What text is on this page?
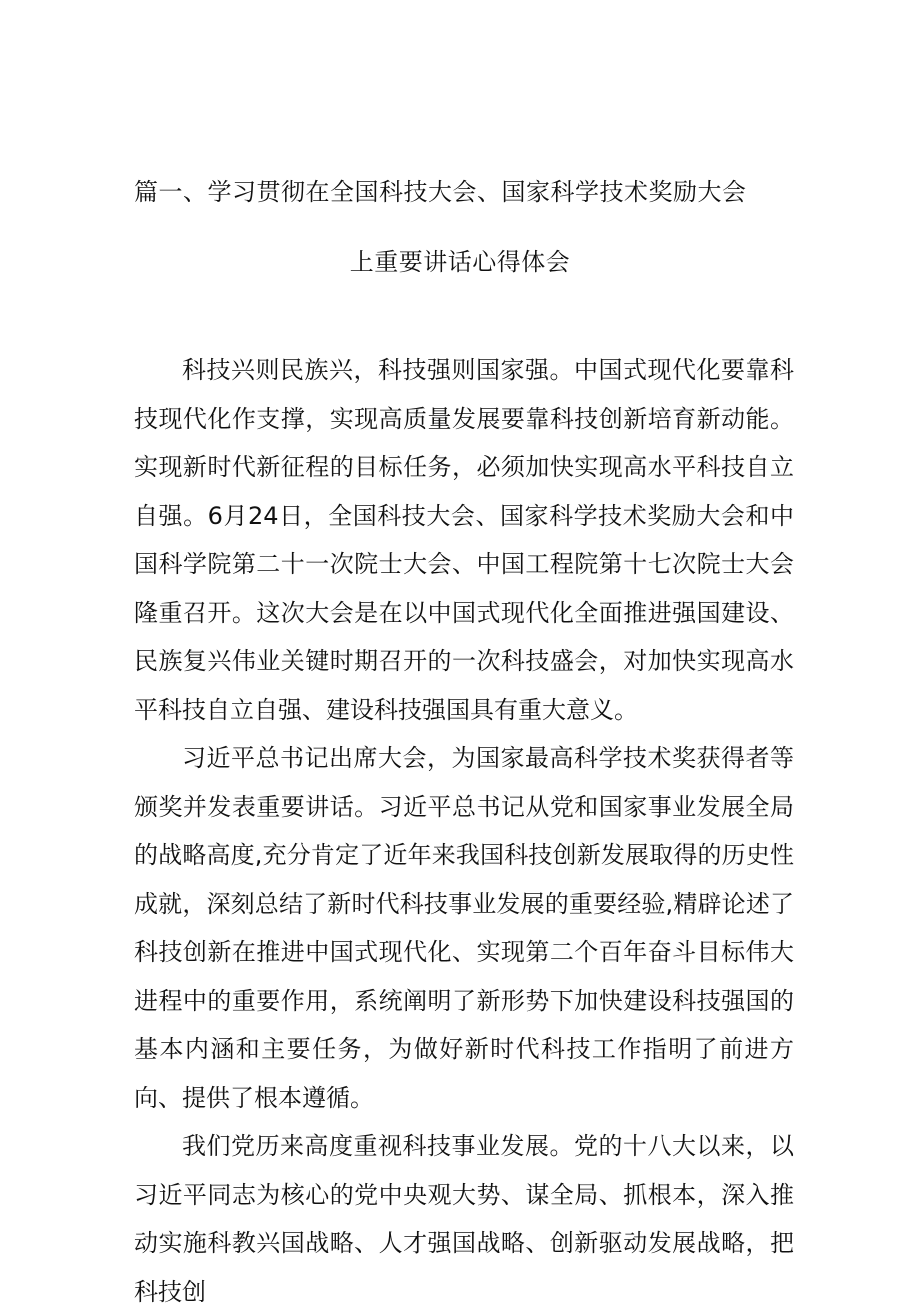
篇一、学习贯彻在全国科技大会、国家科学技术奖励大会
上重要讲话心得体会

科技兴则民族兴，科技强则国家强。中国式现代化要靠科技现代化作支撑，实现高质量发展要靠科技创新培育新动能。实现新时代新征程的目标任务，必须加快实现高水平科技自立自强。6月24日，全国科技大会、国家科学技术奖励大会和中国科学院第二十一次院士大会、中国工程院第十七次院士大会隆重召开。这次大会是在以中国式现代化全面推进强国建设、民族复兴伟业关键时期召开的一次科技盛会，对加快实现高水平科技自立自强、建设科技强国具有重大意义。

习近平总书记出席大会，为国家最高科学技术奖获得者等颁奖并发表重要讲话。习近平总书记从党和国家事业发展全局的战略高度,充分肯定了近年来我国科技创新发展取得的历史性成就，深刻总结了新时代科技事业发展的重要经验,精辟论述了科技创新在推进中国式现代化、实现第二个百年奋斗目标伟大进程中的重要作用，系统阐明了新形势下加快建设科技强国的基本内涵和主要任务，为做好新时代科技工作指明了前进方向、提供了根本遵循。

我们党历来高度重视科技事业发展。党的十八大以来，以习近平同志为核心的党中央观大势、谋全局、抓根本，深入推动实施科教兴国战略、人才强国战略、创新驱动发展战略，把科技创
